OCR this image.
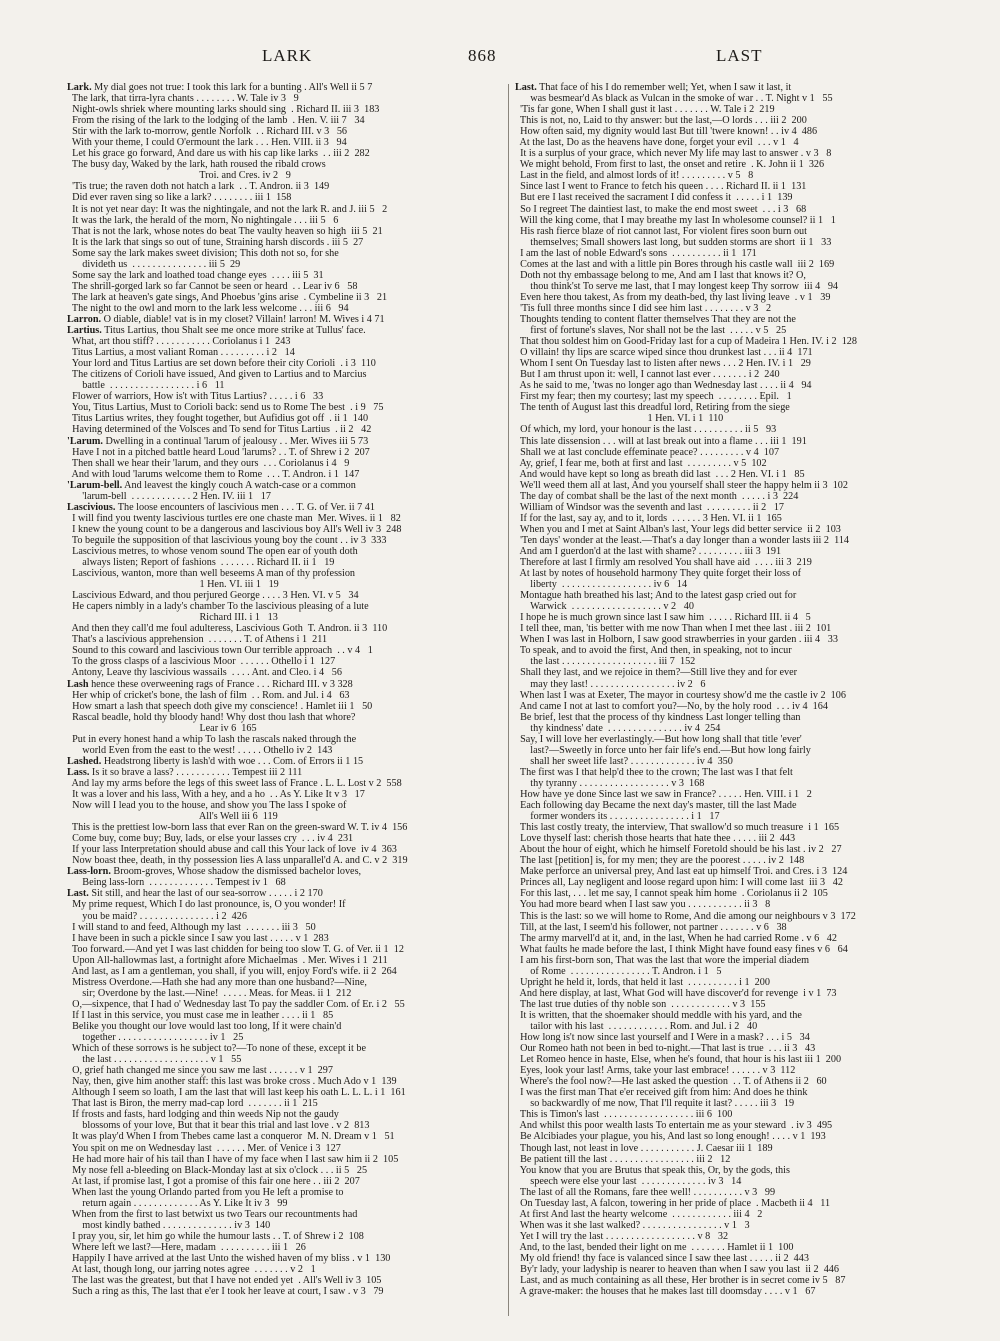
LARK	868	LAST
Lark. My dial goes not true: I took this lark for a bunting . All's Well ii 5 7
The lark, that tirra-lyra chants . . . . . . . . W. Tale iv 3   9
Night-owls shriek where mounting larks should sing  . Richard II. iii 3  183
From the rising of the lark to the lodging of the lamb  . Hen. V. iii 7   34
Stir with the lark to-morrow, gentle Norfolk  . . Richard III. v 3   56
With your theme, I could O'ermount the lark . . . Hen. VIII. ii 3   94
Let his grace go forward, And dare us with his cap like larks  . . iii 2  282
The busy day, Waked by the lark, hath roused the ribald crows
Troi. and Cres. iv 2   9
'Tis true; the raven doth not hatch a lark  . . T. Andron. ii 3  149
Did ever raven sing so like a lark? . . . . . . . . iii 1  158
It is not yet near day: It was the nightingale, and not the lark R. and J. iii 5   2
It was the lark, the herald of the morn, No nightingale . . . iii 5   6
That is not the lark, whose notes do beat The vaulty heaven so high  iii 5  21
It is the lark that sings so out of tune, Straining harsh discords . iii 5  27
Some say the lark makes sweet division; This doth not so, for she
divideth us  . . . . . . . . . . . . . . . iii 5  29
Some say the lark and loathed toad change eyes  . . . . iii 5  31
The shrill-gorged lark so far Cannot be seen or heard  . . Lear iv 6   58
The lark at heaven's gate sings, And Phoebus 'gins arise  . Cymbeline ii 3   21
The night to the owl and morn to the lark less welcome . . . iii 6   94
Larron. O diable, diable! vat is in my closet? Villain! larron! M. Wives i 4 71
Lartius. Titus Lartius, thou Shalt see me once more strike at Tullus' face.
What, art thou stiff? . . . . . . . . . . . Coriolanus i 1  243
Titus Lartius, a most valiant Roman . . . . . . . . . i 2   14
Your lord and Titus Lartius are set down before their city Corioli  . i 3  110
The citizens of Corioli have issued, And given to Lartius and to Marcius
battle  . . . . . . . . . . . . . . . . . i 6   11
Flower of warriors, How is't with Titus Lartius? . . . . . i 6   33
You, Titus Lartius, Must to Corioli back: send us to Rome The best  . i 9   75
Titus Lartius writes, they fought together, but Aufidius got off  . ii 1  140
Having determined of the Volsces and To send for Titus Lartius  . ii 2   42
'Larum. Dwelling in a continual 'larum of jealousy . . Mer. Wives iii 5 73
Have I not in a pitched battle heard Loud 'larums? . . T. of Shrew i 2  207
Then shall we hear their 'larum, and they ours  . . . Coriolanus i 4   9
And with loud 'larums welcome them to Rome  . . . T. Andron. i 1  147
'Larum-bell. And leavest the kingly couch A watch-case or a common
'larum-bell  . . . . . . . . . . . . 2 Hen. IV. iii 1   17
Lascivious. The loose encounters of lascivious men . . . T. G. of Ver. ii 7 41
I will find you twenty lascivious turtles ere one chaste man  Mer. Wives. ii 1   82
I knew the young count to be a dangerous and lascivious boy All's Well iv 3  248
To beguile the supposition of that lascivious young boy the count . . iv 3  333
Lascivious metres, to whose venom sound The open ear of youth doth
always listen; Report of fashions  . . . . . . . Richard II. ii 1   19
Lascivious, wanton, more than well beseems A man of thy profession
1 Hen. VI. iii 1   19
Lascivious Edward, and thou perjured George . . . . 3 Hen. VI. v 5   34
He capers nimbly in a lady's chamber To the lascivious pleasing of a lute
Richard III. i 1   13
And then they call'd me foul adulteress, Lascivious Goth  T. Andron. ii 3  110
That's a lascivious apprehension  . . . . . . . T. of Athens i 1  211
Sound to this coward and lascivious town Our terrible approach  . . v 4   1
To the gross clasps of a lascivious Moor  . . . . . . Othello i 1  127
Antony, Leave thy lascivious wassails  . . . . Ant. and Cleo. i 4   56
Lash hence these overweening rags of France . . . Richard III. v 3 328
Her whip of cricket's bone, the lash of film  . . Rom. and Jul. i 4   63
How smart a lash that speech doth give my conscience! . Hamlet iii 1   50
Rascal beadle, hold thy bloody hand! Why dost thou lash that whore?
Lear iv 6  165
Put in every honest hand a whip To lash the rascals naked through the
world Even from the east to the west! . . . . . Othello iv 2  143
Lashed. Headstrong liberty is lash'd with woe . . . Com. of Errors ii 1 15
Lass. Is it so brave a lass? . . . . . . . . . . . Tempest iii 2 111
And lay my arms before the legs of this sweet lass of France . L. L. Lost v 2  558
It was a lover and his lass, With a hey, and a ho  . . As Y. Like It v 3   17
Now will I lead you to the house, and show you The lass I spoke of
All's Well iii 6  119
This is the prettiest low-born lass that ever Ran on the green-sward W. T. iv 4  156
Come buy, come buy; Buy, lads, or else your lasses cry  . . . iv 4  231
If your lass Interpretation should abuse and call this Your lack of love  iv 4  363
Now boast thee, death, in thy possession lies A lass unparallel'd A. and C. v 2  319
Lass-lorn. Broom-groves, Whose shadow the dismissed bachelor loves,
Being lass-lorn  . . . . . . . . . . . . . Tempest iv 1   68
Last. Sit still, and hear the last of our sea-sorrow . . . . . i 2 170
My prime request, Which I do last pronounce, is, O you wonder! If
you be maid? . . . . . . . . . . . . . . . i 2  426
I will stand to and feed, Although my last  . . . . . . . iii 3   50
I have been in such a pickle since I saw you last . . . . . v 1  283
Too forward.—And yet I was last chidden for being too slow T. G. of Ver. ii 1  12
Upon All-hallowmas last, a fortnight afore Michaelmas  . Mer. Wives i 1  211
And last, as I am a gentleman, you shall, if you will, enjoy Ford's wife. ii 2  264
Mistress Overdone.—Hath she had any more than one husband?—Nine,
sir; Overdone by the last.—Nine!  . . . . . Meas. for Meas. ii 1  212
O,—sixpence, that I had o' Wednesday last To pay the saddler Com. of Er. i 2   55
If I last in this service, you must case me in leather . . . . ii 1   85
Belike you thought our love would last too long, If it were chain'd
together . . . . . . . . . . . . . . . . . . iv 1   25
Which of these sorrows is he subject to?—To none of these, except it be
the last . . . . . . . . . . . . . . . . . . . v 1   55
O, grief hath changed me since you saw me last . . . . . . v 1  297
Nay, then, give him another staff: this last was broke cross . Much Ado v 1  139
Although I seem so loath, I am the last that will last keep his oath L. L. L. i 1  161
That last is Biron, the merry mad-cap lord  . . . . . . . ii 1  215
If frosts and fasts, hard lodging and thin weeds Nip not the gaudy
blossoms of your love, But that it bear this trial and last love . v 2  813
It was play'd When I from Thebes came last a conqueror  M. N. Dream v 1   51
You spit on me on Wednesday last  . . . . . . Mer. of Venice i 3  127
He had more hair of his tail than I have of my face when I last saw him ii 2  105
My nose fell a-bleeding on Black-Monday last at six o'clock . . . ii 5   25
At last, if promise last, I got a promise of this fair one here . . iii 2  207
When last the young Orlando parted from you He left a promise to
return again . . . . . . . . . . . . . As Y. Like It iv 3   99
When from the first to last betwixt us two Tears our recountments had
most kindly bathed . . . . . . . . . . . . . . iv 3  140
I pray you, sir, let him go while the humour lasts . . T. of Shrew i 2  108
Where left we last?—Here, madam  . . . . . . . . . . iii 1   26
Happily I have arrived at the last Unto the wished haven of my bliss . v 1  130
At last, though long, our jarring notes agree  . . . . . . . v 2   1
The last was the greatest, but that I have not ended yet  . All's Well iv 3  105
Such a ring as this, The last that e'er I took her leave at court, I saw . v 3   79
Last. That face of his I do remember well; Yet, when I saw it last, it
was besmear'd As black as Vulcan in the smoke of war . . T. Night v 1   55
'Tis far gone, When I shall gust it last . . . . . . . W. Tale i 2  219
This is not, no, Laid to thy answer: but the last,—O lords . . . iii 2  200
How often said, my dignity would last But till 'twere known! . . iv 4  486
At the last, Do as the heavens have done, forget your evil  . . . v 1   4
It is a surplus of your grace, which never My life may last to answer . v 3   8
We might behold, From first to last, the onset and retire  . K. John ii 1  326
Last in the field, and almost lords of it! . . . . . . . . . v 5   8
Since last I went to France to fetch his queen . . . . Richard II. ii 1  131
But ere I last received the sacrament I did confess it  . . . . . i 1  139
So I regreet The daintiest last, to make the end most sweet  . . . i 3   68
Will the king come, that I may breathe my last In wholesome counsel? ii 1   1
His rash fierce blaze of riot cannot last, For violent fires soon burn out
themselves; Small showers last long, but sudden storms are short  ii 1   33
I am the last of noble Edward's sons  . . . . . . . . . . ii 1  171
Comes at the last and with a little pin Bores through his castle wall  iii 2  169
Doth not thy embassage belong to me, And am I last that knows it? O,
thou think'st To serve me last, that I may longest keep Thy sorrow  iii 4   94
Even here thou takest, As from my death-bed, thy last living leave  . v 1   39
'Tis full three months since I did see him last . . . . . . . . v 3   2
Thoughts tending to content flatter themselves That they are not the
first of fortune's slaves, Nor shall not be the last  . . . . . v 5   25
That thou soldest him on Good-Friday last for a cup of Madeira 1 Hen. IV. i 2  128
O villain! thy lips are scarce wiped since thou drunkest last . . . ii 4  171
Whom I sent On Tuesday last to listen after news . . . 2 Hen. IV. i 1   29
But I am thrust upon it: well, I cannot last ever . . . . . . . i 2  240
As he said to me, 'twas no longer ago than Wednesday last . . . . ii 4   94
First my fear; then my courtesy; last my speech  . . . . . . . . Epil.   1
The tenth of August last this dreadful lord, Retiring from the siege
1 Hen. VI. i 1  110
Of which, my lord, your honour is the last . . . . . . . . . . ii 5   93
This late dissension . . . will at last break out into a flame . . . iii 1  191
Shall we at last conclude effeminate peace? . . . . . . . . . v 4  107
Ay, grief, I fear me, both at first and last  . . . . . . . . . v 5  102
And would have kept so long as breath did last  . . . 2 Hen. VI. i 1   85
We'll weed them all at last, And you yourself shall steer the happy helm ii 3  102
The day of combat shall be the last of the next month  . . . . . i 3  224
William of Windsor was the seventh and last  . . . . . . . . . ii 2   17
If for the last, say ay, and to it, lords  . . . . . . 3 Hen. VI. ii 1  165
When you and I met at Saint Alban's last, Your legs did better service  ii 2  103
'Ten days' wonder at the least.—That's a day longer than a wonder lasts iii 2  114
And am I guerdon'd at the last with shame? . . . . . . . . . iii 3  191
Therefore at last I firmly am resolved You shall have aid  . . . . iii 3  219
At last by notes of household harmony They quite forget their loss of
liberty  . . . . . . . . . . . . . . . . . . iv 6   14
Montague hath breathed his last; And to the latest gasp cried out for
Warwick  . . . . . . . . . . . . . . . . . . v 2   40
I hope he is much grown since last I saw him  . . . . . Richard III. ii 4   5
I tell thee, man, 'tis better with me now Than when I met thee last . iii 2  101
When I was last in Holborn, I saw good strawberries in your garden . iii 4   33
To speak, and to avoid the first, And then, in speaking, not to incur
the last . . . . . . . . . . . . . . . . . . . iii 7  152
Shall they last, and we rejoice in them?—Still live they and for ever
may they last! . . . . . . . . . . . . . . . . . iv 2   6
When last I was at Exeter, The mayor in courtesy show'd me the castle iv 2  106
And came I not at last to comfort you?—No, by the holy rood  . . . iv 4  164
Be brief, lest that the process of thy kindness Last longer telling than
thy kindness' date  . . . . . . . . . . . . . . . iv 4  254
Say, I will love her everlastingly.—But how long shall that title 'ever'
last?—Sweetly in force unto her fair life's end.—But how long fairly
shall her sweet life last? . . . . . . . . . . . . . iv 4  350
The first was I that help'd thee to the crown; The last was I that felt
thy tyranny . . . . . . . . . . . . . . . . . . v 3  168
How have ye done Since last we saw in France? . . . . . Hen. VIII. i 1   2
Each following day Became the next day's master, till the last Made
former wonders its . . . . . . . . . . . . . . . . i 1   17
This last costly treaty, the interview, That swallow'd so much treasure  i 1  165
Love thyself last: cherish those hearts that hate thee . . . . . iii 2  443
About the hour of eight, which he himself Foretold should be his last . iv 2   27
The last [petition] is, for my men; they are the poorest . . . . . iv 2  148
Make perforce an universal prey, And last eat up himself Troi. and Cres. i 3  124
Princes all, Lay negligent and loose regard upon him: I will come last  iii 3   42
For this last, . . . let me say, I cannot speak him home  . Coriolanus ii 2  105
You had more beard when I last saw you . . . . . . . . . . . ii 3   8
This is the last: so we will home to Rome, And die among our neighbours v 3  172
Till, at the last, I seem'd his follower, not partner . . . . . . . v 6   38
The army marvell'd at it, and, in the last, When he had carried Rome . v 6   42
What faults he made before the last, I think Might have found easy fines v 6   64
I am his first-born son, That was the last that wore the imperial diadem
of Rome  . . . . . . . . . . . . . . . . T. Andron. i 1   5
Upright he held it, lords, that held it last  . . . . . . . . . . i 1  200
And here display, at last, What God will have discover'd for revenge  i v 1  73
The last true duties of thy noble son  . . . . . . . . . . . . v 3  155
It is written, that the shoemaker should meddle with his yard, and the
tailor with his last  . . . . . . . . . . . . Rom. and Jul. i 2   40
How long is't now since last yourself and I Were in a mask? . . . i 5   34
Our Romeo hath not been in bed to-night.—That last is true  . . . ii 3   43
Let Romeo hence in haste, Else, when he's found, that hour is his last iii 1  200
Eyes, look your last! Arms, take your last embrace! . . . . . . v 3  112
Where's the fool now?—He last asked the question  . . T. of Athens ii 2   60
I was the first man That e'er received gift from him: And does he think
so backwardly of me now, That I'll requite it last? . . . . . iii 3   19
This is Timon's last  . . . . . . . . . . . . . . . . . . iii 6  100
And whilst this poor wealth lasts To entertain me as your steward  . iv 3  495
Be Alcibiades your plague, you his, And last so long enough! . . . . v 1  193
Though last, not least in love . . . . . . . . . . . J. Caesar iii 1  189
Be patient till the last . . . . . . . . . . . . . . . . . iii 2   12
You know that you are Brutus that speak this, Or, by the gods, this
speech were else your last  . . . . . . . . . . . . . iv 3   14
The last of all the Romans, fare thee well! . . . . . . . . . . v 3   99
On Tuesday last, A falcon, towering in her pride of place  . Macbeth ii 4   11
At first And last the hearty welcome  . . . . . . . . . . . . iii 4   2
When was it she last walked? . . . . . . . . . . . . . . . . v 1   3
Yet I will try the last . . . . . . . . . . . . . . . . . . v 8   32
And, to the last, bended their light on me  . . . . . . . Hamlet ii 1  100
My old friend! thy face is valanced since I saw thee last . . . . . ii 2  443
By'r lady, your ladyship is nearer to heaven than when I saw you last  ii 2  446
Last, and as much containing as all these, Her brother is in secret come iv 5   87
A grave-maker: the houses that he makes last till doomsday . . . . v 1   67
